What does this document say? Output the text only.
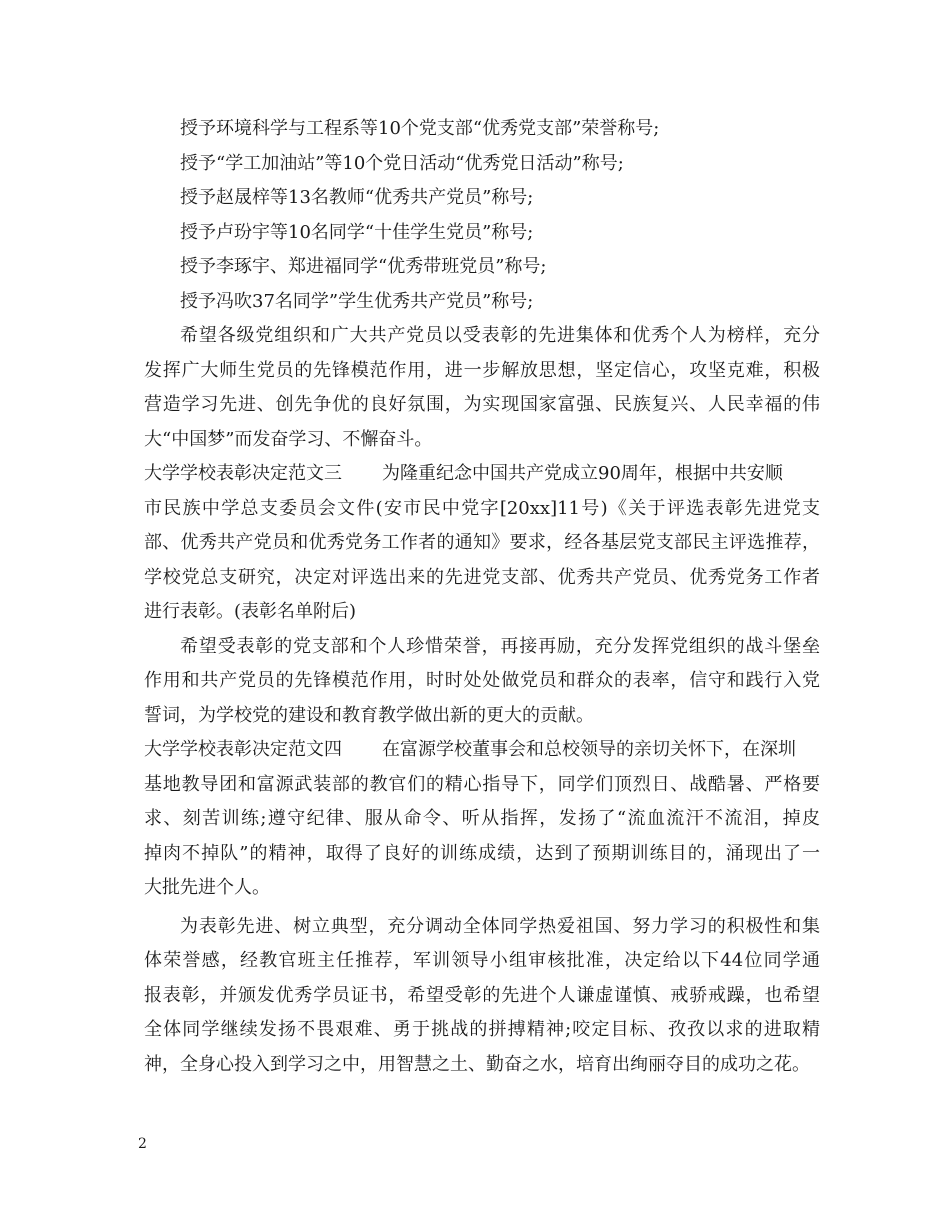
授予环境科学与工程系等10个党支部“优秀党支部”荣誉称号;
授予“学工加油站”等10个党日活动“优秀党日活动”称号;
授予赵晟梓等13名教师“优秀共产党员”称号;
授予卢玢宇等10名同学“十佳学生党员”称号;
授予李琢宇、郑进福同学“优秀带班党员”称号;
授予冯吹37名同学”学生优秀共产党员”称号;
希望各级党组织和广大共产党员以受表彰的先进集体和优秀个人为榜样，充分
发挥广大师生党员的先锋模范作用，进一步解放思想，坚定信心，攻坚克难，积极
营造学习先进、创先争优的良好氛围，为实现国家富强、民族复兴、人民幸福的伟
大“中国梦”而发奋学习、不懈奋斗。
大学学校表彰决定范文三 为隆重纪念中国共产党成立90周年，根据中共安顺
市民族中学总支委员会文件(安市民中党字[20xx]11号)《关于评选表彰先进党支
部、优秀共产党员和优秀党务工作者的通知》要求，经各基层党支部民主评选推荐，
学校党总支研究，决定对评选出来的先进党支部、优秀共产党员、优秀党务工作者
进行表彰。(表彰名单附后)
希望受表彰的党支部和个人珍惜荣誉，再接再励，充分发挥党组织的战斗堡垒
作用和共产党员的先锋模范作用，时时处处做党员和群众的表率，信守和践行入党
誓词，为学校党的建设和教育教学做出新的更大的贡献。
大学学校表彰决定范文四 在富源学校董事会和总校领导的亲切关怀下，在深圳
基地教导团和富源武装部的教官们的精心指导下，同学们顶烈日、战酷暑、严格要
求、刻苦训练;遵守纪律、服从命令、听从指挥，发扬了“流血流汗不流泪，掉皮
掉肉不掉队”的精神，取得了良好的训练成绩，达到了预期训练目的，涌现出了一
大批先进个人。
为表彰先进、树立典型，充分调动全体同学热爱祖国、努力学习的积极性和集
体荣誉感，经教官班主任推荐，军训领导小组审核批准，决定给以下44位同学通
报表彰，并颁发优秀学员证书，希望受彰的先进个人谦虚谨慎、戒骄戒躁，也希望
全体同学继续发扬不畏艰难、勇于挑战的拼搏精神;咬定目标、孜孜以求的进取精
神，全身心投入到学习之中，用智慧之土、勤奋之水，培育出绚丽夺目的成功之花。
2
